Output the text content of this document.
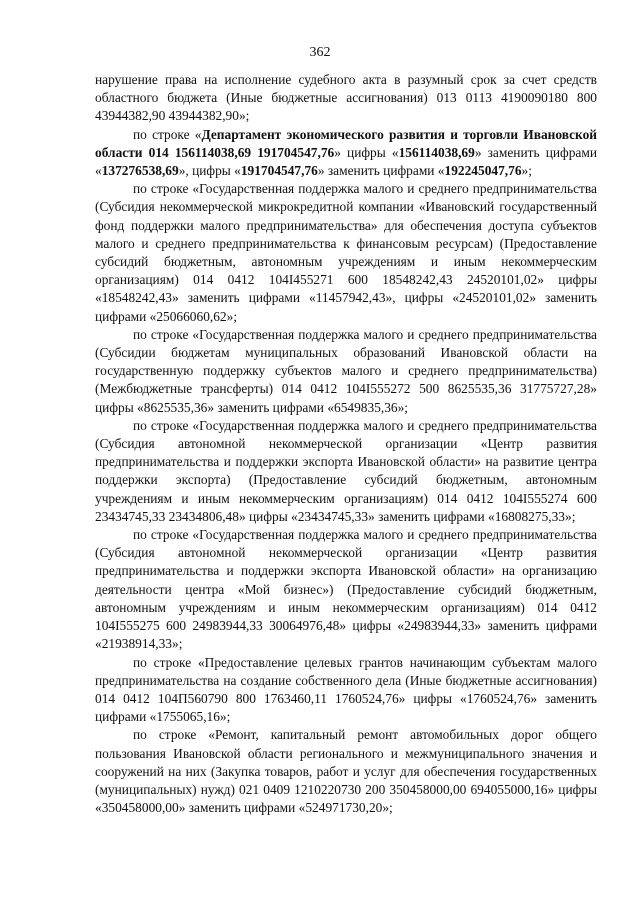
362

нарушение права на исполнение судебного акта в разумный срок за счет средств областного бюджета (Иные бюджетные ассигнования) 013 0113 4190090180 800 43944382,90 43944382,90»;

по строке «Департамент экономического развития и торговли Ивановской области 014 156114038,69 191704547,76» цифры «156114038,69» заменить цифрами «137276538,69», цифры «191704547,76» заменить цифрами «192245047,76»;

по строке «Государственная поддержка малого и среднего предпринимательства (Субсидия некоммерческой микрокредитной компании «Ивановский государственный фонд поддержки малого предпринимательства» для обеспечения доступа субъектов малого и среднего предпринимательства к финансовым ресурсам) (Предоставление субсидий бюджетным, автономным учреждениям и иным некоммерческим организациям) 014 0412 104I455271 600 18548242,43 24520101,02» цифры «18548242,43» заменить цифрами «11457942,43», цифры «24520101,02» заменить цифрами «25066060,62»;

по строке «Государственная поддержка малого и среднего предпринимательства (Субсидии бюджетам муниципальных образований Ивановской области на государственную поддержку субъектов малого и среднего предпринимательства) (Межбюджетные трансферты) 014 0412 104I555272 500 8625535,36 31775727,28» цифры «8625535,36» заменить цифрами «6549835,36»;

по строке «Государственная поддержка малого и среднего предпринимательства (Субсидия автономной некоммерческой организации «Центр развития предпринимательства и поддержки экспорта Ивановской области» на развитие центра поддержки экспорта) (Предоставление субсидий бюджетным, автономным учреждениям и иным некоммерческим организациям) 014 0412 104I555274 600 23434745,33 23434806,48» цифры «23434745,33» заменить цифрами «16808275,33»;

по строке «Государственная поддержка малого и среднего предпринимательства (Субсидия автономной некоммерческой организации «Центр развития предпринимательства и поддержки экспорта Ивановской области» на организацию деятельности центра «Мой бизнес») (Предоставление субсидий бюджетным, автономным учреждениям и иным некоммерческим организациям) 014 0412 104I555275 600 24983944,33 30064976,48» цифры «24983944,33» заменить цифрами «21938914,33»;

по строке «Предоставление целевых грантов начинающим субъектам малого предпринимательства на создание собственного дела (Иные бюджетные ассигнования) 014 0412 104П560790 800 1763460,11 1760524,76» цифры «1760524,76» заменить цифрами «1755065,16»;

по строке «Ремонт, капитальный ремонт автомобильных дорог общего пользования Ивановской области регионального и межмуниципального значения и сооружений на них (Закупка товаров, работ и услуг для обеспечения государственных (муниципальных) нужд) 021 0409 1210220730 200 350458000,00 694055000,16» цифры «350458000,00» заменить цифрами «524971730,20»;
